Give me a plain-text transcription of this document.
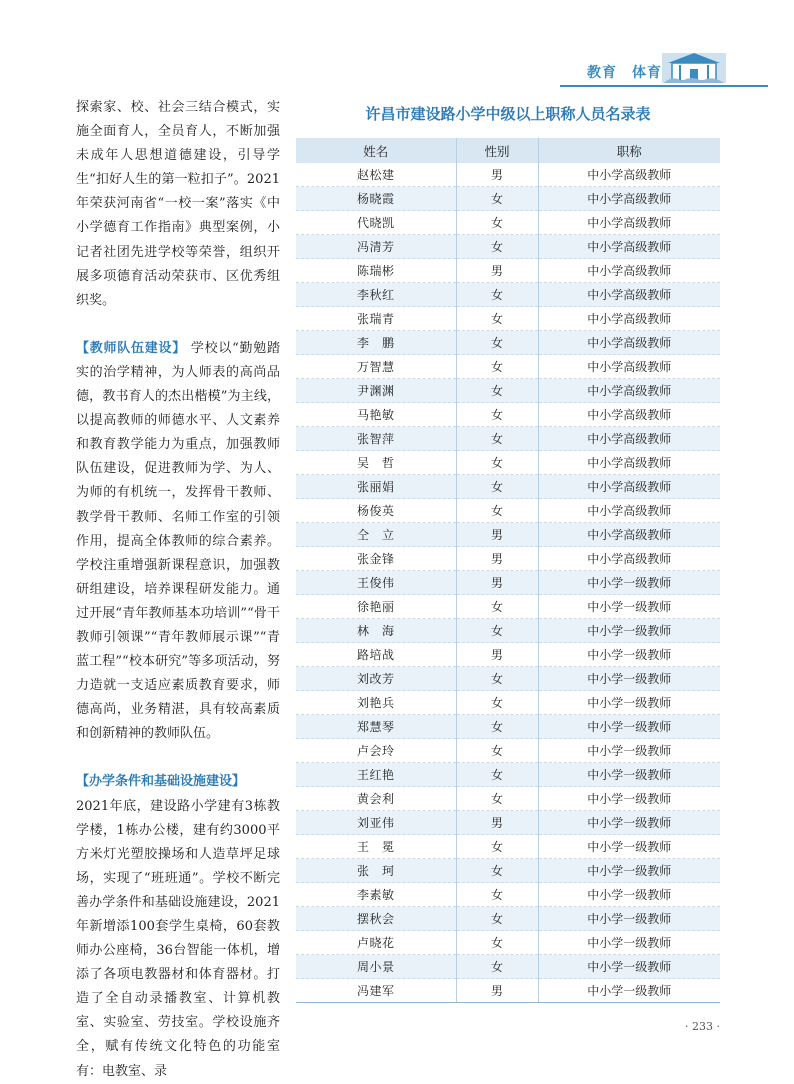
教育　体育

探索家、校、社会三结合模式，实施全面育人，全员育人，不断加强未成年人思想道德建设，引导学生“扣好人生的第一粒扣子”。2021年荣获河南省“一校一案”落实《中小学德育工作指南》典型案例，小记者社团先进学校等荣誉，组织开展多项德育活动荣获市、区优秀组织奖。

【教师队伍建设】 学校以“勤勉踏实的治学精神，为人师表的高尚品德，教书育人的杰出楷模”为主线，以提高教师的师德水平、人文素养和教育教学能力为重点，加强教师队伍建设，促进教师为学、为人、为师的有机统一，发挥骨干教师、教学骨干教师、名师工作室的引领作用，提高全体教师的综合素养。学校注重增强新课程意识，加强教研组建设，培养课程研发能力。通过开展“青年教师基本功培训”“骨干教师引领课”“青年教师展示课”“青蓝工程”“校本研究”等多项活动，努力造就一支适应素质教育要求，师德高尚，业务精湛，具有较高素质和创新精神的教师队伍。

【办学条件和基础设施建设】

2021年底，建设路小学建有3栋教学楼，1栋办公楼，建有约3000平方米灯光塑胶操场和人造草坪足球场，实现了“班班通”。学校不断完善办学条件和基础设施建设，2021年新增添100套学生桌椅，60套教师办公座椅，36台智能一体机，增添了各项电教器材和体育器材。打造了全自动录播教室、计算机教室、实验室、劳技室。学校设施齐全，赋有传统文化特色的功能室有：电教室、录

许昌市建设路小学中级以上职称人员名录表
姓名	性别	职称
赵松建	男	中小学高级教师
杨晓霞	女	中小学高级教师
代晓凯	女	中小学高级教师
冯清芳	女	中小学高级教师
陈瑞彬	男	中小学高级教师
李秋红	女	中小学高级教师
张瑞青	女	中小学高级教师
李　鹏	女	中小学高级教师
万智慧	女	中小学高级教师
尹渊渊	女	中小学高级教师
马艳敏	女	中小学高级教师
张智萍	女	中小学高级教师
吴　哲	女	中小学高级教师
张丽娟	女	中小学高级教师
杨俊英	女	中小学高级教师
仝　立	男	中小学高级教师
张金锋	男	中小学高级教师
王俊伟	男	中小学一级教师
徐艳丽	女	中小学一级教师
林　海	女	中小学一级教师
路培战	男	中小学一级教师
刘改芳	女	中小学一级教师
刘艳兵	女	中小学一级教师
郑慧琴	女	中小学一级教师
卢会玲	女	中小学一级教师
王红艳	女	中小学一级教师
黄会利	女	中小学一级教师
刘亚伟	男	中小学一级教师
王　冕	女	中小学一级教师
张　珂	女	中小学一级教师
李素敏	女	中小学一级教师
摆秋会	女	中小学一级教师
卢晓花	女	中小学一级教师
周小景	女	中小学一级教师
冯建军	男	中小学一级教师
· 233 ·
